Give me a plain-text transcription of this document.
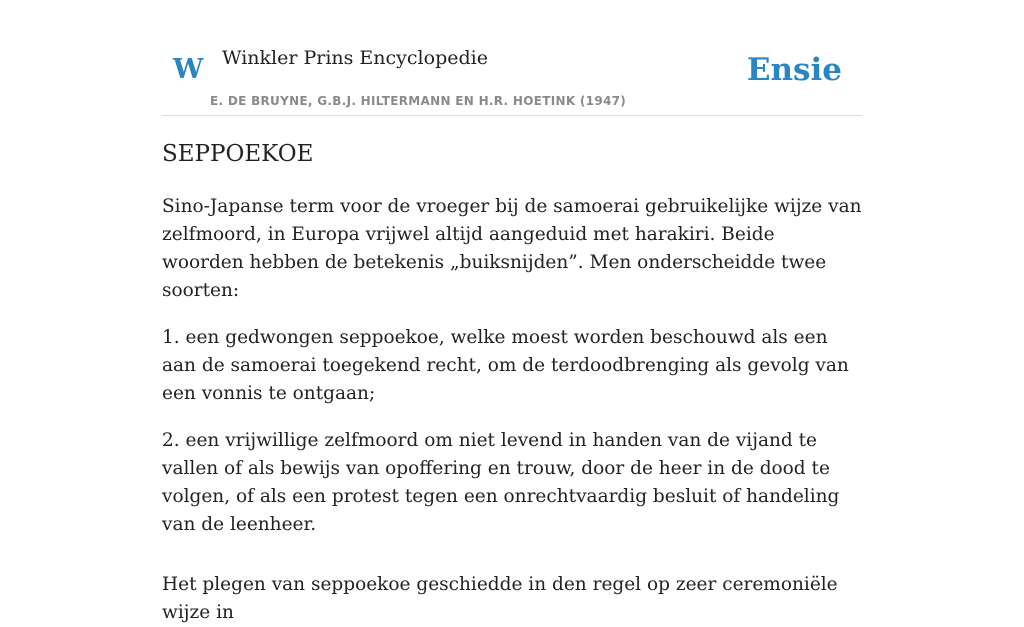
W Winkler Prins Encyclopedie
E. DE BRUYNE, G.B.J. HILTERMANN EN H.R. HOETINK (1947)
Ensie
SEPPOEKOE

Sino-Japanse term voor de vroeger bij de samoerai gebruikelijke wijze van zelfmoord, in Europa vrijwel altijd aangeduid met harakiri. Beide woorden hebben de betekenis „buiksnijden”. Men onderscheidde twee soorten:

1. een gedwongen seppoekoe, welke moest worden beschouwd als een aan de samoerai toegekend recht, om de terdoodbrenging als gevolg van een vonnis te ontgaan;

2. een vrijwillige zelfmoord om niet levend in handen van de vijand te vallen of als bewijs van opoffering en trouw, door de heer in de dood te volgen, of als een protest tegen een onrechtvaardig besluit of handeling van de leenheer.

Het plegen van seppoekoe geschiedde in den regel op zeer ceremoniële wijze in
